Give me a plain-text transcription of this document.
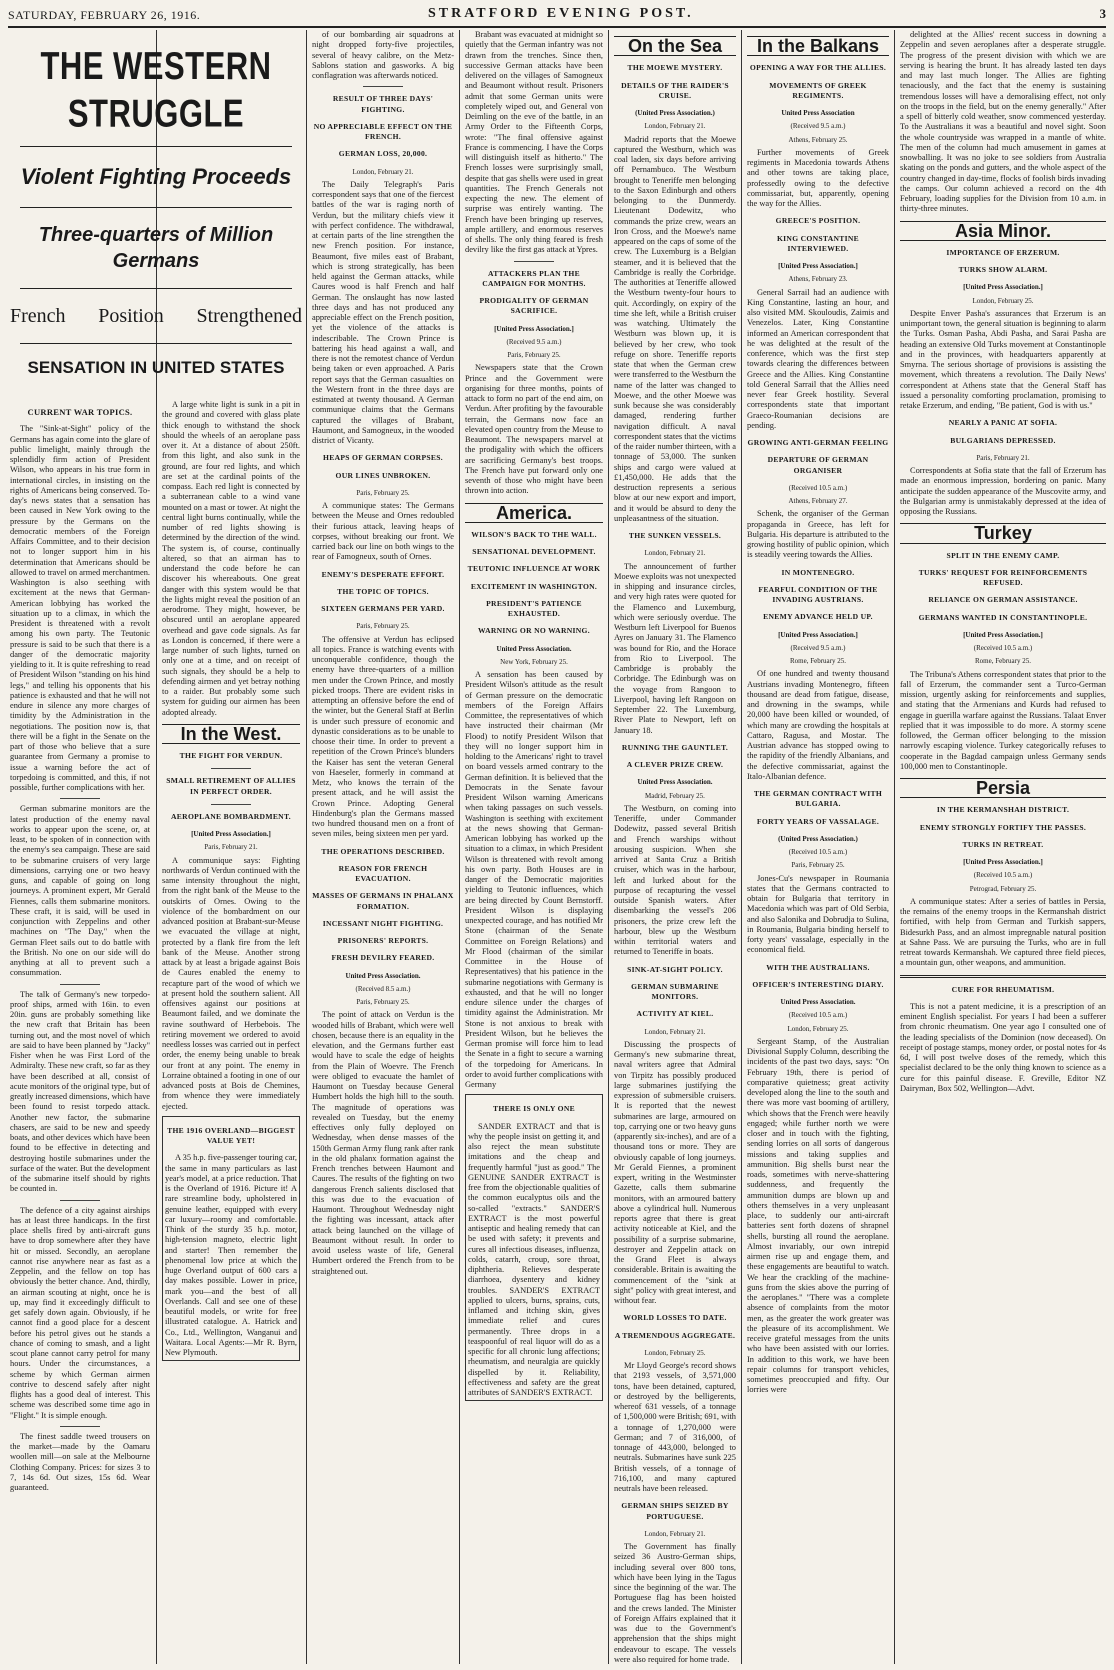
SATURDAY, FEBRUARY 26, 1916.	STRATFORD EVENING POST.	3
THE WESTERN STRUGGLE
Violent Fighting Proceeds
Three-quarters of Million Germans
French Position Strengthened
SENSATION IN UNITED STATES
CURRENT WAR TOPICS.

The "Sink-at-Sight" policy of the Germans has again come into the glare of public limelight, mainly through the splendidly firm action of President Wilson, who appears in his true form in international circles, in insisting on the rights of Americans being conserved. To-day's news states that a sensation has been caused in New York owing to the pressure by the Germans on the democratic members of the Foreign Affairs Committee, and to their decision not to longer support him in his determination that Americans should be allowed to travel on armed merchantmen. Washington is also seething with excitement at the news that German-American lobbying has worked the situation up to a climax, in which the President is threatened with a revolt among his own party. The Teutonic pressure is said to be such that there is a danger of the democratic majority yielding to it. It is quite refreshing to read of President Wilson "standing on his hind legs," and telling his opponents that his patience is exhausted and that he will not endure in silence any more charges of timidity by the Administration in the negotiations. The position now is, that there will be a fight in the Senate on the part of those who believe that a sure guarantee from Germany a promise to issue a warning before the act of torpedoing is committed, and this, if not possible, further complications with her.

German submarine monitors are the latest production of the enemy naval works to appear upon the scene, or, at least, to be spoken of in connection with the enemy's sea campaign. These are said to be submarine cruisers of very large dimensions, carrying one or two heavy guns, and capable of going on long journeys. A prominent expert, Mr Gerald Fiennes, calls them submarine monitors. These craft, it is said, will be used in conjunction with Zeppelins and other machines on "The Day," when the German Fleet sails out to do battle with the British. No one on our side will do anything at all to prevent such a consummation.

The talk of Germany's new torpedo-proof ships, armed with 16in. to even 20in. guns are probably something like the new craft that Britain has been turning out, and the most novel of which are said to have been planned by "Jacky" Fisher when he was First Lord of the Admiralty. These new craft, so far as they have been described at all, consist of acute monitors of the original type, but of greatly increased dimensions, which have been found to resist torpedo attack. Another new factor, the submarine chasers, are said to be new and speedy boats, and other devices which have been found to be effective in detecting and destroying hostile submarines under the surface of the water. But the development of the submarine itself should by rights be counted in.

The defence of a city against airships has at least three handicaps. In the first place shells fired by anti-aircraft guns have to drop somewhere after they have hit or missed. Secondly, an aeroplane cannot rise anywhere near as fast as a Zeppelin, and the fellow on top has obviously the better chance. And, thirdly, an airman scouting at night, once he is up, may find it exceedingly difficult to get safely down again. Obviously, if he cannot find a good place for a descent before his petrol gives out he stands a chance of coming to smash, and a light scout plane cannot carry petrol for many hours. Under the circumstances, a scheme by which German airmen contrive to descend safely after night flights has a good deal of interest. This scheme was described some time ago in "Flight." It is simple enough.

The finest saddle tweed trousers on the market—made by the Oamaru woollen mill—on sale at the Melbourne Clothing Company. Prices: for sizes 3 to 7, 14s 6d. Out sizes, 15s 6d. Wear guaranteed.

A large white light is sunk in a pit in the ground and covered with glass plate thick enough to withstand the shock should the wheels of an aeroplane pass over it. At a distance of about 250ft. from this light, and also sunk in the ground, are four red lights, and which are set at the cardinal points of the compass. Each red light is connected by a subterranean cable to a wind vane mounted on a mast or tower. At night the central light burns continually, while the number of red lights showing is determined by the direction of the wind. The system is, of course, continually altered, so that an airman has to understand the code before he can discover his whereabouts. One great danger with this system would be that the lights might reveal the position of an aerodrome. They might, however, be obscured until an aeroplane appeared overhead and gave code signals. As far as London is concerned, if there were a large number of such lights, turned on only one at a time, and on receipt of such signals, they should be a help to defending airmen and yet betray nothing to a raider. But probably some such system for guiding our airmen has been adopted already.

In the West.
THE FIGHT FOR VERDUN.
SMALL RETIREMENT OF ALLIES IN PERFECT ORDER.
AEROPLANE BOMBARDMENT.
[United Press Association.]
Paris, February 21.

A communique says: Fighting northwards of Verdun continued with the same intensity throughout the night, from the right bank of the Meuse to the outskirts of Ornes. Owing to the violence of the bombardment on our advanced position at Brabant-sur-Meuse we evacuated the village at night, protected by a flank fire from the left bank of the Meuse. Another strong attack by at least a brigade against Bois de Caures enabled the enemy to recapture part of the wood of which we at present hold the southern salient. All offensives against our positions at Beaumont failed, and we dominate the ravine southward of Herbebois. The retiring movement we ordered to avoid needless losses was carried out in perfect order, the enemy being unable to break our front at any point. The enemy in Lorraine obtained a footing in one of our advanced posts at Bois de Chemines, from whence they were immediately ejected.

THE 1916 OVERLAND—BIGGEST VALUE YET!

A 35 h.p. five-passenger touring car, the same in many particulars as last year's model, at a price reduction. That is the Overland of 1916. Picture it! A rare streamline body, upholstered in genuine leather, equipped with every car luxury—roomy and comfortable. Think of the sturdy 35 h.p. motor, high-tension magneto, electric light and starter! Then remember the phenomenal low price at which the huge Overland output of 600 cars a day makes possible. Lower in price, mark you—and the best of all Overlands. Call and see one of these beautiful models, or write for free illustrated catalogue. A. Hatrick and Co., Ltd., Wellington, Wanganui and Waitara. Local Agents:—Mr R. Byrn, New Plymouth.

of our bombarding air squadrons at night dropped forty-five projectiles, several of heavy calibre, on the Metz-Sablons station and gasworks. A big conflagration was afterwards noticed.

RESULT OF THREE DAYS' FIGHTING.
NO APPRECIABLE EFFECT ON THE FRENCH.
GERMAN LOSS, 20,000.
London, February 21.

The Daily Telegraph's Paris correspondent says that one of the fiercest battles of the war is raging north of Verdun, but the military chiefs view it with perfect confidence. The withdrawal, at certain parts of the line strengthen the new French position. For instance, Beaumont, five miles east of Brabant, which is strong strategically, has been held against the German attacks, while Caures wood is half French and half German. The onslaught has now lasted three days and has not produced any appreciable effect on the French position, yet the violence of the attacks is indescribable. The Crown Prince is battering his head against a wall, and there is not the remotest chance of Verdun being taken or even approached. A Paris report says that the German casualties on the Western front in the three days are estimated at twenty thousand. A German communique claims that the Germans captured the villages of Brabant, Haumont, and Samogneux, in the wooded district of Vicanty.

HEAPS OF GERMAN CORPSES.
OUR LINES UNBROKEN.
Paris, February 25.

A communique states: The Germans between the Meuse and Ornes redoubled their furious attack, leaving heaps of corpses, without breaking our front. We carried back our line on both wings to the rear of Famogneux, south of Ornes.

ENEMY'S DESPERATE EFFORT.
THE TOPIC OF TOPICS.
SIXTEEN GERMANS PER YARD.
Paris, February 25.

The offensive at Verdun has eclipsed all topics. France is watching events with unconquerable confidence, though the enemy have three-quarters of a million men under the Crown Prince, and mostly picked troops. There are evident risks in attempting an offensive before the end of the winter, but the General Staff at Berlin is under such pressure of economic and dynastic considerations as to be unable to choose their time. In order to prevent a repetition of the Crown Prince's blunders the Kaiser has sent the veteran General von Haeseler, formerly in command at Metz, who knows the terrain of the present attack, and he will assist the Crown Prince. Adopting General Hindenburg's plan the Germans massed two hundred thousand men on a front of seven miles, being sixteen men per yard.

THE OPERATIONS DESCRIBED.
REASON FOR FRENCH EVACUATION.
MASSES OF GERMANS IN PHALANX FORMATION.
INCESSANT NIGHT FIGHTING.
PRISONERS' REPORTS.
FRESH DEVILRY FEARED.
United Press Association.
(Received 8.5 a.m.)
Paris, February 25.

The point of attack on Verdun is the wooded hills of Brabant, which were well chosen, because there is an equality in the elevation, and the Germans further east would have to scale the edge of heights from the Plain of Woevre. The French were obliged to evacuate the hamlet of Haumont on Tuesday because General Humbert holds the high hill to the south. The magnitude of operations was revealed on Tuesday, but the enemy effectives only fully deployed on Wednesday, when dense masses of the 150th German Army flung rank after rank in the old phalanx formation against the French trenches between Haumont and Caures. The results of the fighting on two dangerous French salients disclosed that this was due to the evacuation of Haumont. Throughout Wednesday night the fighting was incessant, attack after attack being launched on the village of Beaumont without result. In order to avoid useless waste of life, General Humbert ordered the French from to be straightened out.

Brabant was evacuated at midnight so quietly that the German infantry was not drawn from the trenches. Since then, successive German attacks have been delivered on the villages of Samogneux and Beaumont without result. Prisoners admit that some German units were completely wiped out, and General von Deimling on the eve of the battle, in an Army Order to the Fifteenth Corps, wrote: "The final offensive against France is commencing. I have the Corps will distinguish itself as hitherto." The French losses were surprisingly small, despite that gas shells were used in great quantities. The French Generals not expecting the new. The element of surprise was entirely wanting. The French have been bringing up reserves, ample artillery, and enormous reserves of shells. The only thing feared is fresh devilry like the first gas attack at Ypres.

ATTACKERS PLAN THE CAMPAIGN FOR MONTHS.
PRODIGALITY OF GERMAN SACRIFICE.
[United Press Association.]
(Received 9.5 a.m.)
Paris, February 25.

Newspapers state that the Crown Prince and the Government were organising for three months, points of attack to form no part of the end aim, on Verdun. After profiting by the favourable terrain, the Germans now face an elevated open country from the Meuse to Beaumont. The newspapers marvel at the prodigality with which the officers are sacrificing Germany's best troops. The French have put forward only one seventh of those who might have been thrown into action.

America.
WILSON'S BACK TO THE WALL.
SENSATIONAL DEVELOPMENT.
TEUTONIC INFLUENCE AT WORK
EXCITEMENT IN WASHINGTON.
PRESIDENT'S PATIENCE EXHAUSTED.
WARNING OR NO WARNING.
United Press Association.
New York, February 25.

A sensation has been caused by President Wilson's attitude as the result of German pressure on the democratic members of the Foreign Affairs Committee, the representatives of which have instructed their chairman (Mr Flood) to notify President Wilson that they will no longer support him in holding to the Americans' right to travel on board vessels armed contrary to the German definition. It is believed that the Democrats in the Senate favour President Wilson warning Americans when taking passages on such vessels. Washington is seething with excitement at the news showing that German-American lobbying has worked up the situation to a climax, in which President Wilson is threatened with revolt among his own party. Both Houses are in danger of the Democratic majorities yielding to Teutonic influences, which are being directed by Count Bernstorff. President Wilson is displaying unexpected courage, and has notified Mr Stone (chairman of the Senate Committee on Foreign Relations) and Mr Flood (chairman of the similar Committee in the House of Representatives) that his patience in the submarine negotiations with Germany is exhausted, and that he will no longer endure silence under the charges of timidity against the Administration. Mr Stone is not anxious to break with President Wilson, but he believes the German promise will force him to lead the Senate in a fight to secure a warning of the torpedoing for Americans. In order to avoid further complications with Germany

THERE IS ONLY ONE

SANDER EXTRACT and that is why the people insist on getting it, and also reject the mean substitute imitations and the cheap and frequently harmful "just as good." The GENUINE SANDER EXTRACT is free from the objectionable qualities of the common eucalyptus oils and the so-called "extracts." SANDER'S EXTRACT is the most powerful antiseptic and healing remedy that can be used with safety; it prevents and cures all infectious diseases, influenza, colds, catarrh, croup, sore throat, diphtheria. Relieves desperate diarrhoea, dysentery and kidney troubles. SANDER'S EXTRACT applied to ulcers, burns, sprains, cuts, inflamed and itching skin, gives immediate relief and cures permanently. Three drops in a teaspoonful of real liquor will do as a specific for all chronic lung affections; rheumatism, and neuralgia are quickly dispelled by it. Reliability, effectiveness and safety are the great attributes of SANDER'S EXTRACT.

On the Sea
THE MOEWE MYSTERY.
DETAILS OF THE RAIDER'S CRUISE.
(United Press Association.)
London, February 21.

Madrid reports that the Moewe captured the Westburn, which was coal laden, six days before arriving off Pernambuco. The Westburn brought to Teneriffe men belonging to the Saxon Edinburgh and others belonging to the Dunmerdy. Lieutenant Dodewitz, who commands the prize crew, wears an Iron Cross, and the Moewe's name appeared on the caps of some of the crew. The Luxemburg is a Belgian steamer, and it is believed that the Cambridge is really the Corbridge. The authorities at Teneriffe allowed the Westburn twenty-four hours to quit. Accordingly, on expiry of the time she left, while a British cruiser was watching. Ultimately the Westburn was blown up, it is believed by her crew, who took refuge on shore. Teneriffe reports state that when the German crew were transferred to the Westburn the name of the latter was changed to Moewe, and the other Moewe was sunk because she was considerably damaged, rendering further navigation difficult. A naval correspondent states that the victims of the raider number thirteen, with a tonnage of 53,000. The sunken ships and cargo were valued at £1,450,000. He adds that the destruction represents a serious blow at our new export and import, and it would be absurd to deny the unpleasantness of the situation.

THE SUNKEN VESSELS.
London, February 21.

The announcement of further Moewe exploits was not unexpected in shipping and insurance circles, and very high rates were quoted for the Flamenco and Luxemburg, which were seriously overdue. The Westburn left Liverpool for Buenos Ayres on January 31. The Flamenco was bound for Rio, and the Horace from Rio to Liverpool. The Cambridge is probably the Corbridge. The Edinburgh was on the voyage from Rangoon to Liverpool, having left Rangoon on September 22. The Luxemburg, River Plate to Newport, left on January 18.

RUNNING THE GAUNTLET.
A CLEVER PRIZE CREW.
United Press Association.
Madrid, February 25.

The Westburn, on coming into Teneriffe, under Commander Dodewitz, passed several British and French warships without arousing suspicion. When she arrived at Santa Cruz a British cruiser, which was in the harbour, left and lurked about for the purpose of recapturing the vessel outside Spanish waters. After disembarking the vessel's 206 prisoners, the prize crew left the harbour, blew up the Westburn within territorial waters and returned to Teneriffe in boats.

SINK-AT-SIGHT POLICY.
GERMAN SUBMARINE MONITORS.
ACTIVITY AT KIEL.
London, February 21.

Discussing the prospects of Germany's new submarine threat, naval writers agree that Admiral von Tirpitz has possibly produced large submarines justifying the expression of submersible cruisers. It is reported that the newest submarines are large, armoured on top, carrying one or two heavy guns (apparently six-inches), and are of a thousand tons or more. They are obviously capable of long journeys. Mr Gerald Fiennes, a prominent expert, writing in the Westminster Gazette, calls them submarine monitors, with an armoured battery above a cylindrical hull. Numerous reports agree that there is great activity noticeable at Kiel, and the possibility of a surprise submarine, destroyer and Zeppelin attack on the Grand Fleet is always considerable. Britain is awaiting the commencement of the "sink at sight" policy with great interest, and without fear.

WORLD LOSSES TO DATE.
A TREMENDOUS AGGREGATE.
London, February 25.

Mr Lloyd George's record shows that 2193 vessels, of 3,571,000 tons, have been detained, captured, or destroyed by the belligerents, whereof 631 vessels, of a tonnage of 1,500,000 were British; 691, with a tonnage of 1,270,000 were German; and 7 of 316,000, of tonnage of 443,000, belonged to neutrals. Submarines have sunk 225 British vessels, of a tonnage of 716,100, and many captured neutrals have been released.

GERMAN SHIPS SEIZED BY PORTUGUESE.
London, February 21.

The Government has finally seized 36 Austro-German ships, including several over 800 tons, which have been lying in the Tagus since the beginning of the war. The Portuguese flag has been hoisted and the crews landed. The Minister of Foreign Affairs explained that it was due to the Government's apprehension that the ships might endeavour to escape. The vessels were also required for home trade.

In the Balkans
OPENING A WAY FOR THE ALLIES.
MOVEMENTS OF GREEK REGIMENTS.
United Press Association
(Received 9.5 a.m.)
Athens, February 25.

Further movements of Greek regiments in Macedonia towards Athens and other towns are taking place, professedly owing to the defective commissariat, but, apparently, opening the way for the Allies.

GREECE'S POSITION.
KING CONSTANTINE INTERVIEWED.
[United Press Association.]
Athens, February 23.

General Sarrail had an audience with King Constantine, lasting an hour, and also visited MM. Skouloudis, Zaimis and Venezelos. Later, King Constantine informed an American correspondent that he was delighted at the result of the conference, which was the first step towards clearing the differences between Greece and the Allies. King Constantine told General Sarrail that the Allies need never fear Greek hostility. Several correspondents state that important Graeco-Roumanian decisions are pending.

GROWING ANTI-GERMAN FEELING
DEPARTURE OF GERMAN ORGANISER
(Received 10.5 a.m.)
Athens, February 27.

Schenk, the organiser of the German propaganda in Greece, has left for Bulgaria. His departure is attributed to the growing hostility of public opinion, which is steadily veering towards the Allies.

IN MONTENEGRO.
FEARFUL CONDITION OF THE INVADING AUSTRIANS.
ENEMY ADVANCE HELD UP.
[United Press Association.]
(Received 9.5 a.m.)
Rome, February 25.

Of one hundred and twenty thousand Austrians invading Montenegro, fifteen thousand are dead from fatigue, disease, and drowning in the swamps, while 20,000 have been killed or wounded, of which many are crowding the hospitals at Cattaro, Ragusa, and Mostar. The Austrian advance has stopped owing to the rapidity of the friendly Albanians, and the defective commissariat, against the Italo-Albanian defence.

THE GERMAN CONTRACT WITH BULGARIA.
FORTY YEARS OF VASSALAGE.
(United Press Association.)
(Received 10.5 a.m.)
Paris, February 25.

Jones-Cu's newspaper in Roumania states that the Germans contracted to obtain for Bulgaria that territory in Macedonia which was part of Old Serbia, and also Salonika and Dobrudja to Sulina, in Roumania, Bulgaria binding herself to forty years' vassalage, especially in the economical field.

WITH THE AUSTRALIANS.
OFFICER'S INTERESTING DIARY.
United Press Association.
(Received 10.5 a.m.)
London, February 25.

Sergeant Stamp, of the Australian Divisional Supply Column, describing the incidents of the past two days, says: "On February 19th, there is period of comparative quietness; great activity developed along the line to the south and there was more vast booming of artillery, which shows that the French were heavily engaged; while further north we were closer and in touch with the fighting, sending lorries on all sorts of dangerous missions and taking supplies and ammunition. Big shells burst near the roads, sometimes with nerve-shattering suddenness, and frequently the ammunition dumps are blown up and others themselves in a very unpleasant place, to suddenly our anti-aircraft batteries sent forth dozens of shrapnel shells, bursting all round the aeroplane. Almost invariably, our own intrepid airmen rise up and engage them, and these engagements are beautiful to watch. We hear the crackling of the machine-guns from the skies above the purring of the aeroplanes." "There was a complete absence of complaints from the motor men, as the greater the work greater was the pleasure of its accomplishment. We receive grateful messages from the units who have been assisted with our lorries. In addition to this work, we have been repair columns for transport vehicles, sometimes preoccupied and fifty. Our lorries were

delighted at the Allies' recent success in downing a Zeppelin and seven aeroplanes after a desperate struggle. The progress of the present division with which we are serving is hearing the brunt. It has already lasted ten days and may last much longer. The Allies are fighting tenaciously, and the fact that the enemy is sustaining tremendous losses will have a demoralising effect, not only on the troops in the field, but on the enemy generally." After a spell of bitterly cold weather, snow commenced yesterday. To the Australians it was a beautiful and novel sight. Soon the whole countryside was wrapped in a mantle of white. The men of the column had much amusement in games at snowballing. It was no joke to see soldiers from Australia skating on the ponds and gutters, and the whole aspect of the country changed in day-time, flocks of foolish birds invading the camps. Our column achieved a record on the 4th February, loading supplies for the Division from 10 a.m. in thirty-three minutes.

Asia Minor.
IMPORTANCE OF ERZERUM.
TURKS SHOW ALARM.
[United Press Association.]
London, February 25.

Despite Enver Pasha's assurances that Erzerum is an unimportant town, the general situation is beginning to alarm the Turks. Osman Pasha, Abdi Pasha, and Sarai Pasha are heading an extensive Old Turks movement at Constantinople and in the provinces, with headquarters apparently at Smyrna. The serious shortage of provisions is assisting the movement, which threatens a revolution. The Daily News' correspondent at Athens state that the General Staff has issued a personality comforting proclamation, promising to retake Erzerum, and ending, "Be patient, God is with us."

NEARLY A PANIC AT SOFIA.
BULGARIANS DEPRESSED.
Paris, February 21.

Correspondents at Sofia state that the fall of Erzerum has made an enormous impression, bordering on panic. Many anticipate the sudden appearance of the Muscovite army, and the Bulgarian army is unmistakably depressed at the idea of opposing the Russians.

Turkey
SPLIT IN THE ENEMY CAMP.
TURKS' REQUEST FOR REINFORCEMENTS REFUSED.
RELIANCE ON GERMAN ASSISTANCE.
GERMANS WANTED IN CONSTANTINOPLE.
[United Press Association.]
(Received 10.5 a.m.)
Rome, February 25.

The Tribuna's Athens correspondent states that prior to the fall of Erzerum, the commander sent a Turco-German mission, urgently asking for reinforcements and supplies, and stating that the Armenians and Kurds had refused to engage in guerilla warfare against the Russians. Talaat Enver replied that it was impossible to do more. A stormy scene followed, the German officer belonging to the mission narrowly escaping violence. Turkey categorically refuses to cooperate in the Bagdad campaign unless Germany sends 100,000 men to Constantinople.

Persia
IN THE KERMANSHAH DISTRICT.
ENEMY STRONGLY FORTIFY THE PASSES.
TURKS IN RETREAT.
[United Press Association.]
(Received 10.5 a.m.)
Petrograd, February 25.

A communique states: After a series of battles in Persia, the remains of the enemy troops in the Kermanshah district fortified, with help from German and Turkish sappers, Bidesurkh Pass, and an almost impregnable natural position at Sahne Pass. We are pursuing the Turks, who are in full retreat towards Kermanshah. We captured three field pieces, a mountain gun, other weapons, and ammunition.

CURE FOR RHEUMATISM.

This is not a patent medicine, it is a prescription of an eminent English specialist. For years I had been a sufferer from chronic rheumatism. One year ago I consulted one of the leading specialists of the Dominion (now deceased). On receipt of postage stamps, money order, or postal notes for 4s 6d, I will post twelve doses of the remedy, which this specialist declared to be the only thing known to science as a cure for this painful disease. F. Greville, Editor NZ Dairyman, Box 502, Wellington—Advt.
